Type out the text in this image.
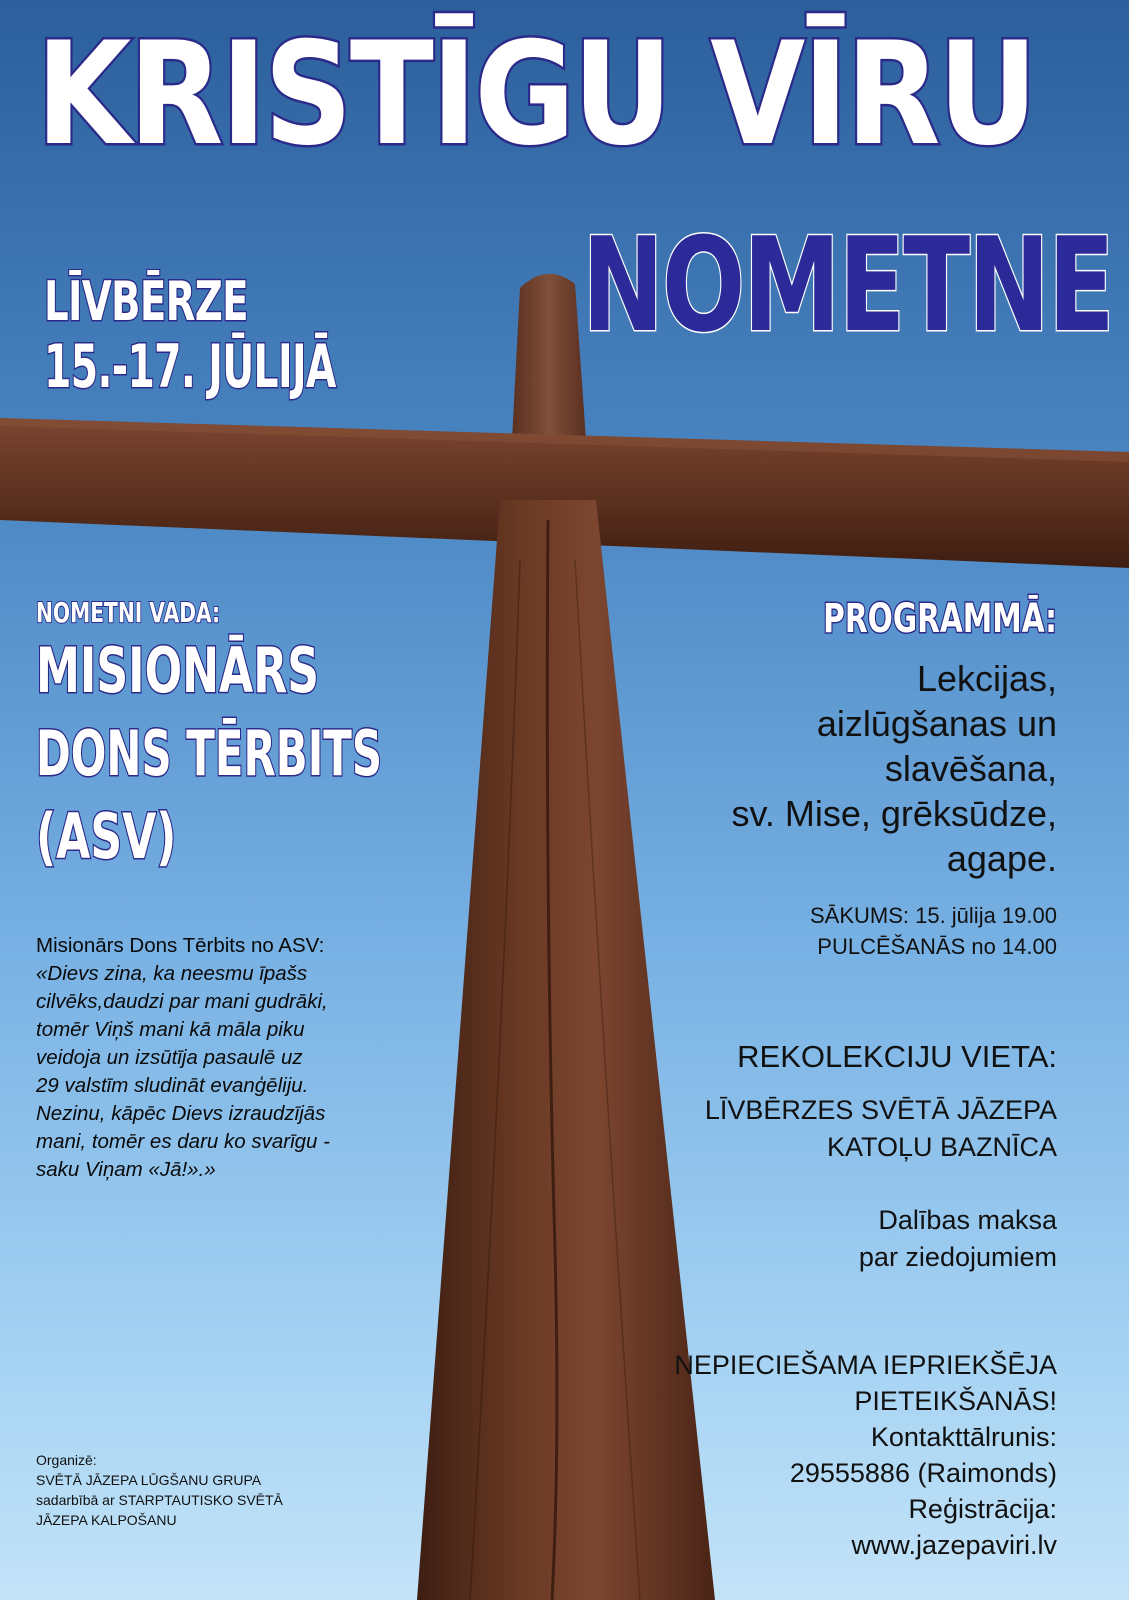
KRISTĪGU VĪRU
NOMETNE
LĪVBĒRZE
15.-17. JŪLIJĀ
NOMETNI VADA:
MISIONĀRS
DONS TĒRBITS
(ASV)
Misionārs Dons Tērbits no ASV:
«Dievs zina, ka neesmu īpašs
cilvēks,daudzi par mani gudrāki,
tomēr Viņš mani kā māla piku
veidoja un izsūtīja pasaulē uz
29 valstīm sludināt evanģēliju.
Nezinu, kāpēc Dievs izraudzījās
mani, tomēr es daru ko svarīgu -
saku Viņam «Jā!».»
PROGRAMMĀ:
Lekcijas,
aizlūgšanas un
slavēšana,
sv. Mise, grēksūdze,
agape.
SĀKUMS: 15. jūlija 19.00
PULCĒŠANĀS no 14.00
REKOLEKCIJU VIETA:
LĪVBĒRZES SVĒTĀ JĀZEPA
KATOĻU BAZNĪCA
Dalības maksa
par ziedojumiem
NEPIECIEŠAMA IEPRIEKŠĒJA
PIETEIKŠANĀS!
Kontakttālrunis:
29555886 (Raimonds)
Reģistrācija:
www.jazepaviri.lv
Organizē:
SVĒTĀ JĀZEPA LŪGŠANU GRUPA
sadarbībā ar STARPTAUTISKO SVĒTĀ
JĀZEPA KALPOŠANU
